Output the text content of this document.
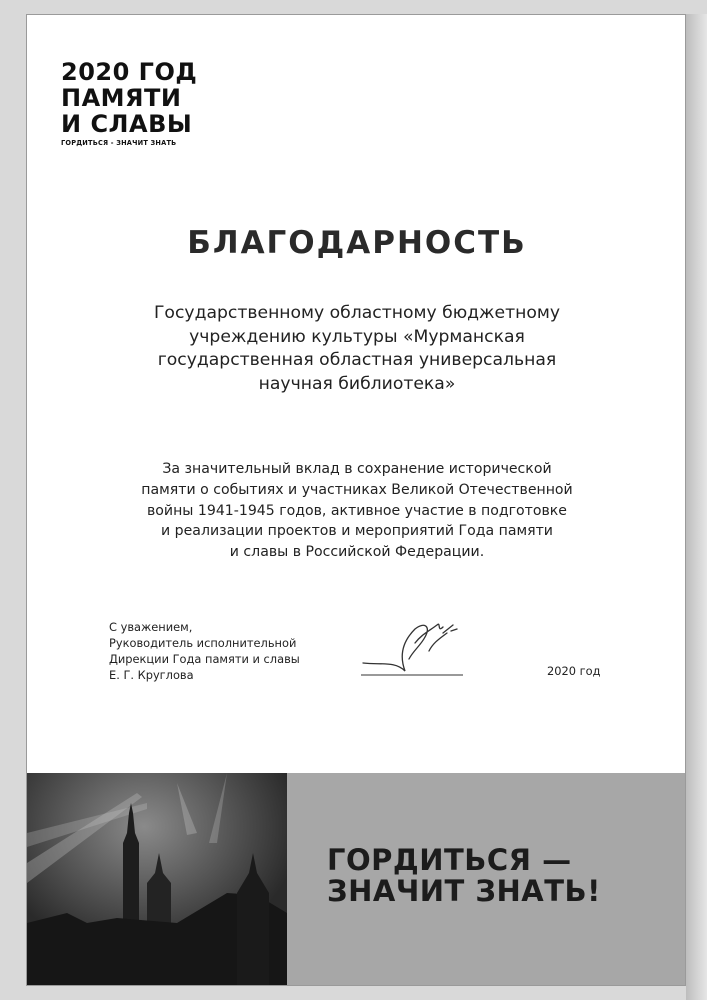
2020 ГОД
ПАМЯТИ
И СЛАВЫ
ГОРДИТЬСЯ - ЗНАЧИТ ЗНАТЬ
БЛАГОДАРНОСТЬ
Государственному областному бюджетному
учреждению культуры «Мурманская
государственная областная универсальная
научная библиотека»
За значительный вклад в сохранение исторической
памяти о событиях и участниках Великой Отечественной
войны 1941-1945 годов, активное участие в подготовке
и реализации проектов и мероприятий Года памяти
и славы в Российской Федерации.
С уважением,
Руководитель исполнительной
Дирекции Года памяти и славы
Е. Г. Круглова	2020 год
ГОРДИТЬСЯ —
ЗНАЧИТ ЗНАТЬ!
